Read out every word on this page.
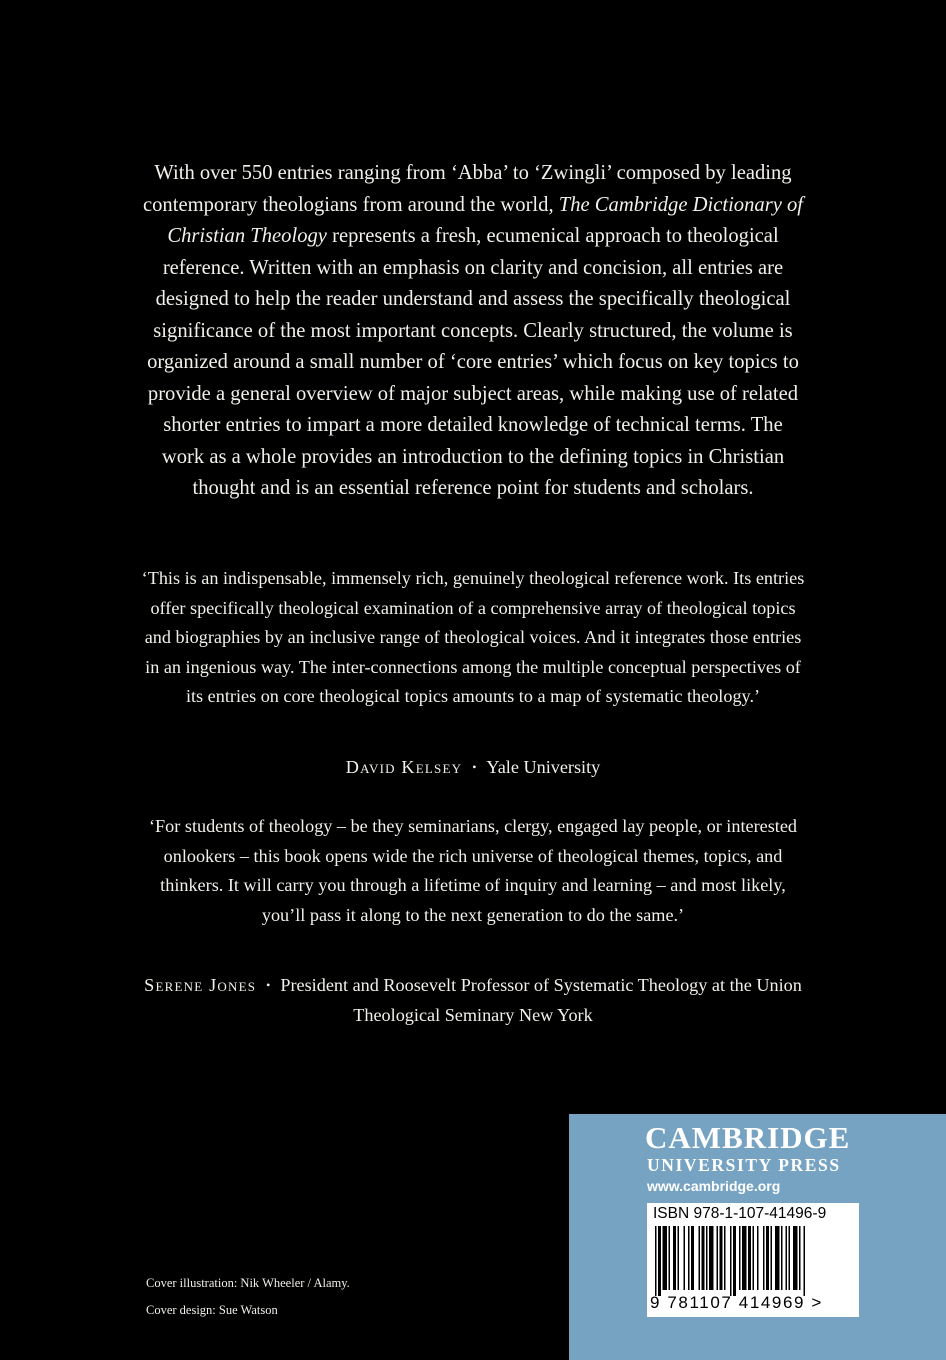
With over 550 entries ranging from ‘Abba’ to ‘Zwingli’ composed by leading contemporary theologians from around the world, The Cambridge Dictionary of Christian Theology represents a fresh, ecumenical approach to theological reference. Written with an emphasis on clarity and concision, all entries are designed to help the reader understand and assess the specifically theological significance of the most important concepts. Clearly structured, the volume is organized around a small number of ‘core entries’ which focus on key topics to provide a general overview of major subject areas, while making use of related shorter entries to impart a more detailed knowledge of technical terms. The work as a whole provides an introduction to the defining topics in Christian thought and is an essential reference point for students and scholars.

‘This is an indispensable, immensely rich, genuinely theological reference work. Its entries offer specifically theological examination of a comprehensive array of theological topics and biographies by an inclusive range of theological voices. And it integrates those entries in an ingenious way. The inter-connections among the multiple conceptual perspectives of its entries on core theological topics amounts to a map of systematic theology.’

David Kelsey • Yale University

‘For students of theology – be they seminarians, clergy, engaged lay people, or interested onlookers – this book opens wide the rich universe of theological themes, topics, and thinkers. It will carry you through a lifetime of inquiry and learning – and most likely, you’ll pass it along to the next generation to do the same.’

Serene Jones • President and Roosevelt Professor of Systematic Theology at the Union Theological Seminary New York

Cover illustration: Nik Wheeler / Alamy.

Cover design: Sue Watson

CAMBRIDGE

UNIVERSITY PRESS

www.cambridge.org

ISBN 978-1-107-41496-9

9 781107 414969 >
